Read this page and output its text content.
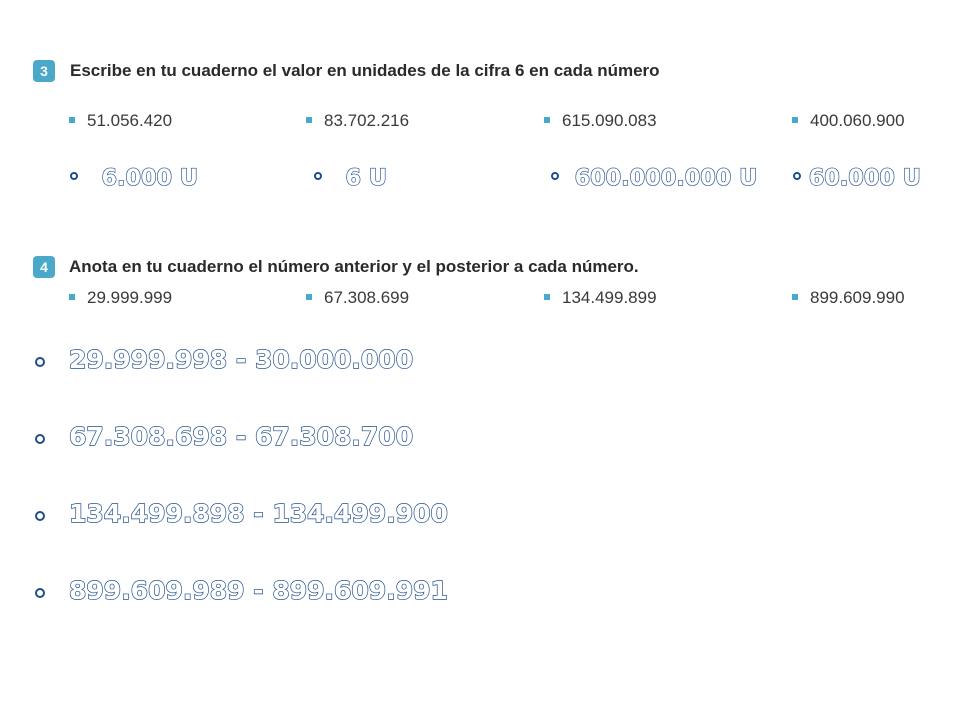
3	Escribe en tu cuaderno el valor en unidades de la cifra 6 en cada número
51.056.420	83.702.216	615.090.083	400.060.900
6.000 U	6 U	600.000.000 U	60.000 U
4	Anota en tu cuaderno el número anterior y el posterior a cada número.
29.999.999	67.308.699	134.499.899	899.609.990
29.999.998 - 30.000.000
67.308.698 - 67.308.700
134.499.898 - 134.499.900
899.609.989 - 899.609.991
